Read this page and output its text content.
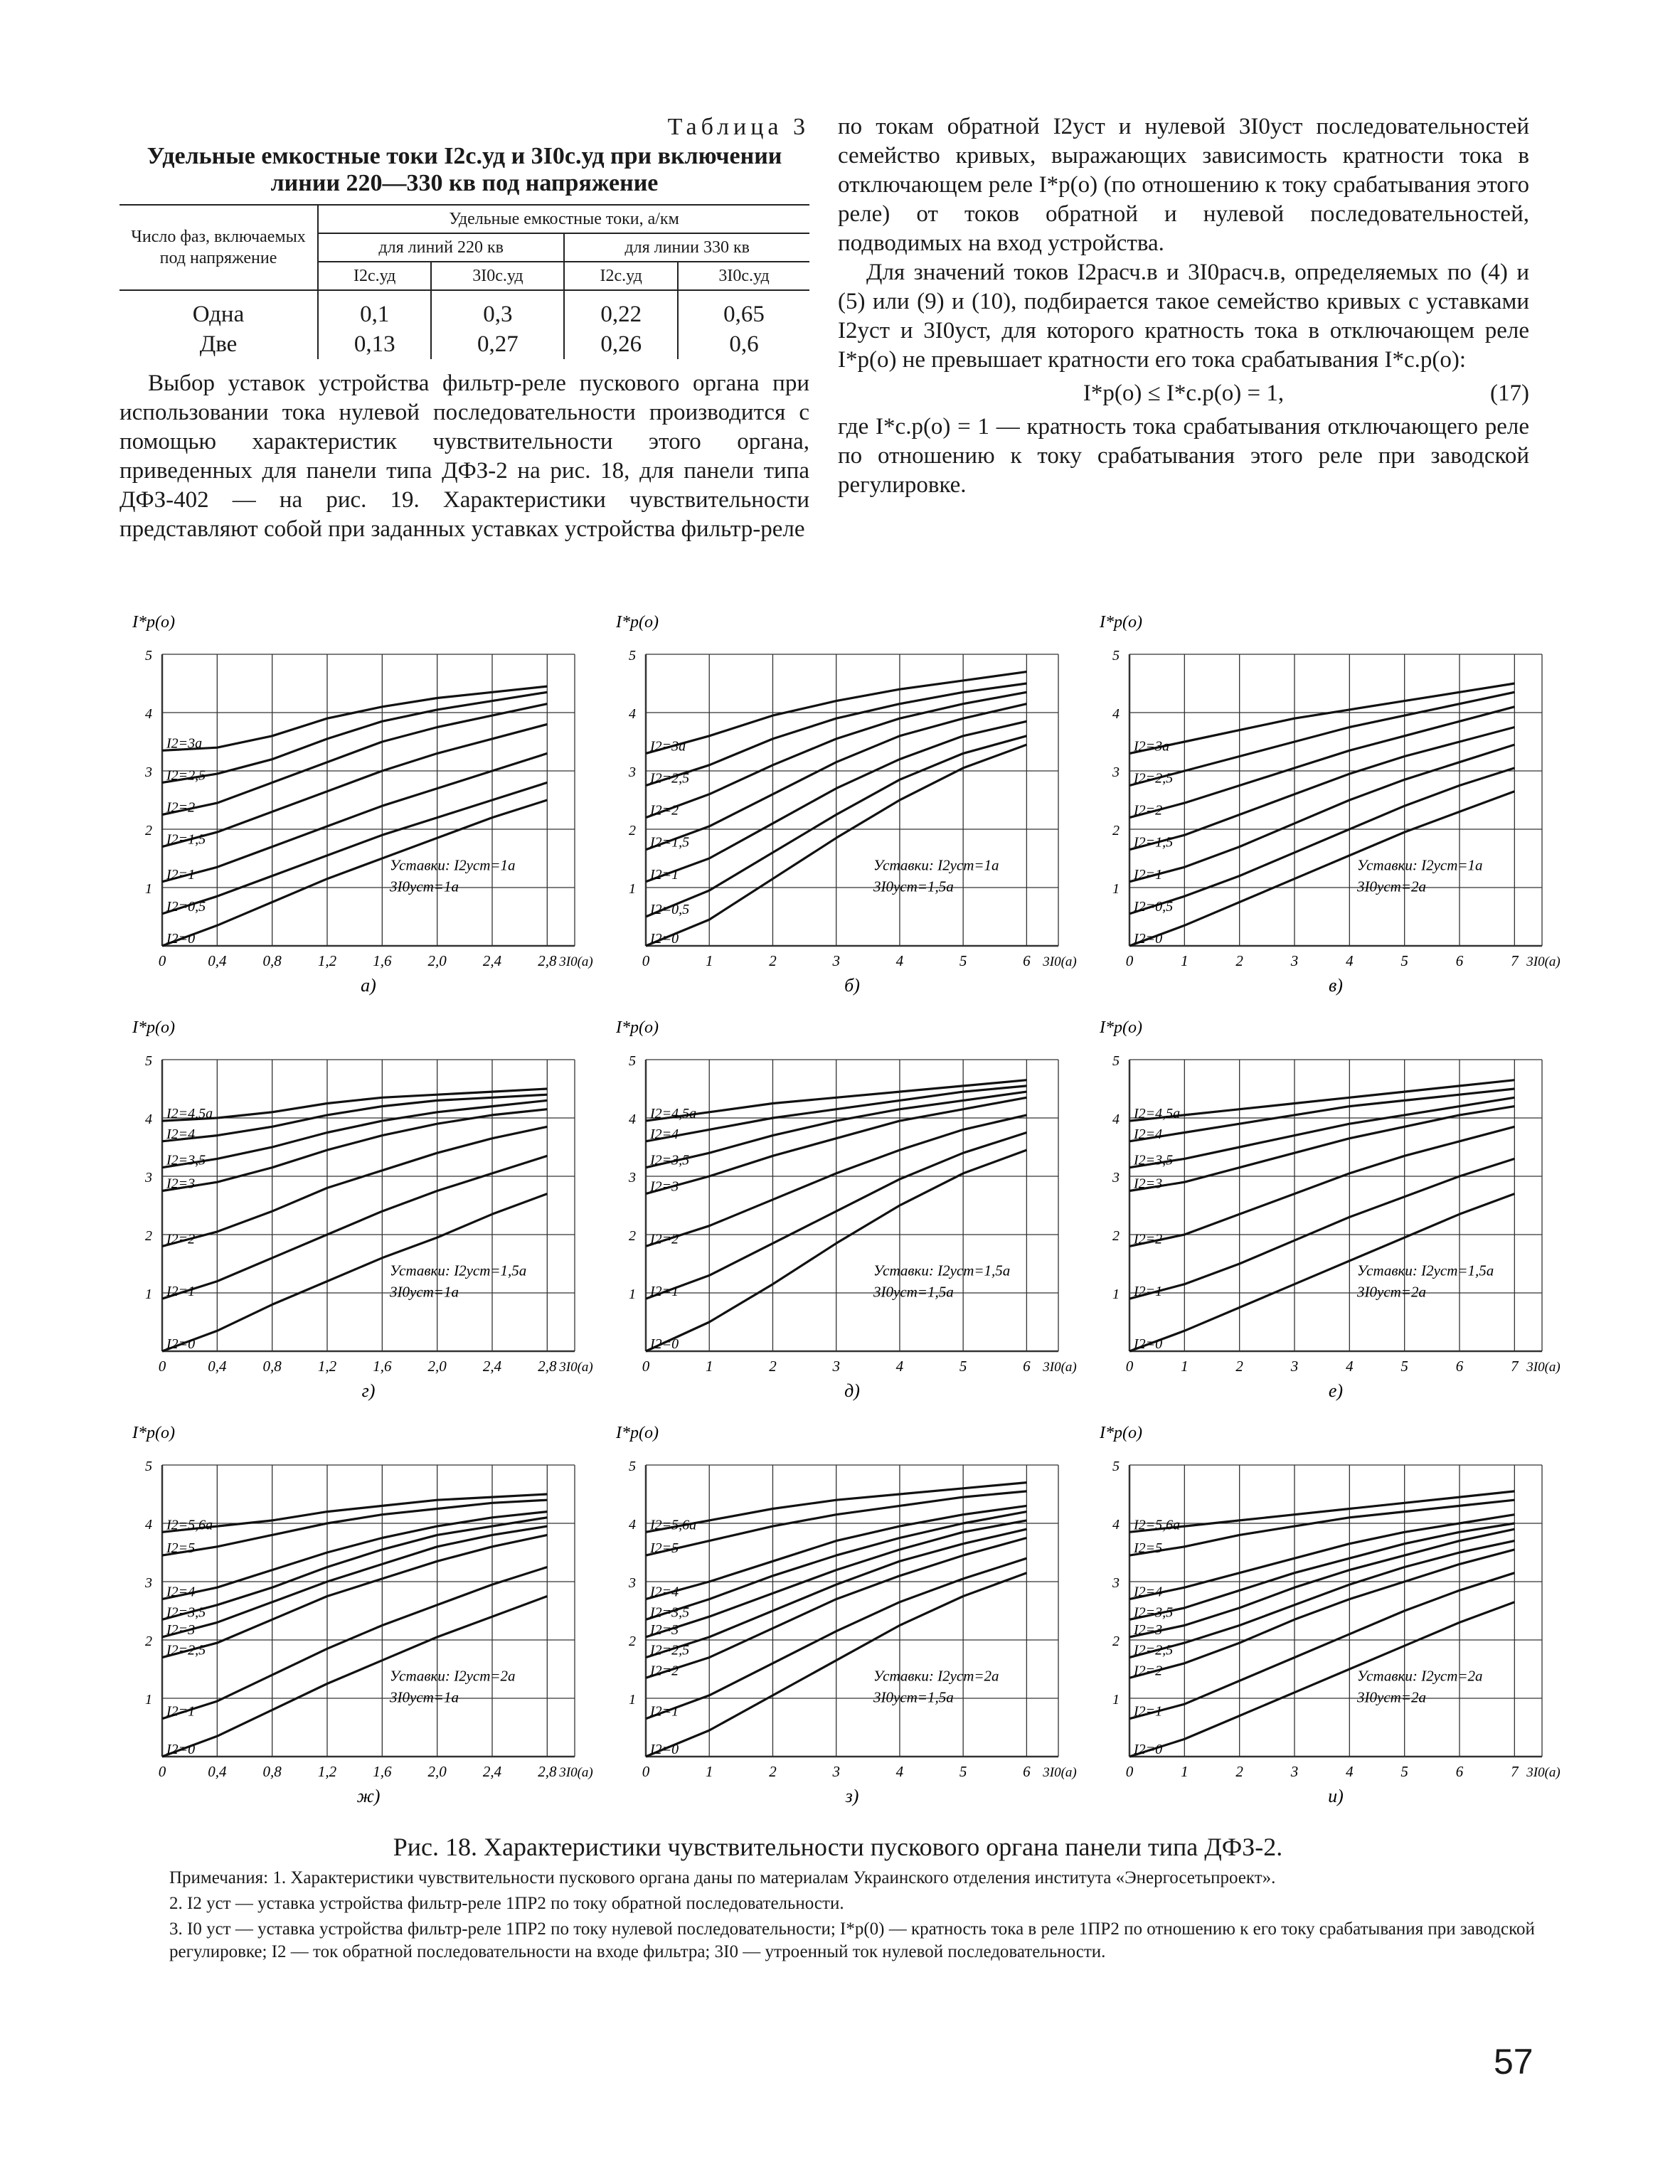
Таблица 3
Удельные емкостные токи I2с.уд и 3I0с.уд при включении линии 220—330 кв под напряжение
Число фаз, включаемых под напряжение	Удельные емкостные токи, а/км			
	для линий 220 кв		для линии 330 кв	
	I2с.уд	3I0с.уд	I2с.уд	3I0с.уд
Одна	0,1	0,3	0,22	0,65
Две	0,13	0,27	0,26	0,6

Выбор уставок устройства фильтр-реле пускового органа при использовании тока нулевой последовательности производится с помощью характеристик чувствительности этого органа, приведенных для панели типа ДФЗ-2 на рис. 18, для панели типа ДФЗ-402 — на рис. 19. Характеристики чувствительности представляют собой при заданных уставках устройства фильтр-реле

по токам обратной I2уст и нулевой 3I0уст последовательностей семейство кривых, выражающих зависимость кратности тока в отключающем реле I*p(o) (по отношению к току срабатывания этого реле) от токов обратной и нулевой последовательностей, подводимых на вход устройства.

Для значений токов I2расч.в и 3I0расч.в, определяемых по (4) и (5) или (9) и (10), подбирается такое семейство кривых с уставками I2уст и 3I0уст, для которого кратность тока в отключающем реле I*p(o) не превышает кратности его тока срабатывания I*c.p(o):

I*p(o) ≤ I*c.p(o) = 1,	(17)

где I*c.p(o) = 1 — кратность тока срабатывания отключающего реле по отношению к току срабатывания этого реле при заводской регулировке.

I*p(o)
1
2
3
4
5
0	0,4 0,8 1,2 1,6 2,0 2,4 2,8 3I0(a)
а)
I2=3а
I2=2,5
I2=2
I2=1,5
I2=1
I2=0,5
I2=0
Уставки: I2уст=1а
3I0уст=1а
I*p(o)
1
2
3
4
5
0	1	2	3	4	5	6 3I0(a)
б)
I2=3а
I2=2,5
I2=2
I2=1,5
I2=1
I2=0,5
I2=0
Уставки: I2уст=1а
3I0уст=1,5а
I*p(o)
1
2
3
4
5
0	1	2	3	4	5	6	7 3I0(a)
в)
I2=3а
I2=2,5
I2=2
I2=1,5
I2=1
I2=0,5
I2=0
Уставки: I2уст=1а
3I0уст=2а
I*p(o)
1
2
3
4
5
0	0,4 0,8 1,2 1,6 2,0 2,4 2,8 3I0(a)
г)
I2=4,5а
I2=4
I2=3,5
I2=3
I2=2
I2=1
I2=0
Уставки: I2уст=1,5а
3I0уст=1а
I*p(o)
1
2
3
4
5
0	1	2	3	4	5	6 3I0(a)
д)
I2=4,5а
I2=4
I2=3,5
I2=3
I2=2
I2=1
I2=0
Уставки: I2уст=1,5а
3I0уст=1,5а
I*p(o)
1
2
3
4
5
0	1	2	3	4	5	6	7 3I0(a)
е)
I2=4,5а
I2=4
I2=3,5
I2=3
I2=2
I2=1
I2=0
Уставки: I2уст=1,5а
3I0уст=2а
I*p(o)
1
2
3
4
5
0	0,4 0,8 1,2 1,6 2,0 2,4 2,8 3I0(a)
ж)
I2=5,6а
I2=5
I2=4
I2=3,5
I2=3
I2=2,5
I2=1
I2=0
Уставки: I2уст=2а
3I0уст=1а
I*p(o)
1
2
3
4
5
0	1	2	3	4	5	6 3I0(a)
з)
I2=5,6а
I2=5
I2=4
I2=3,5
I2=3
I2=2,5
I2=2
I2=1
I2=0
Уставки: I2уст=2а
3I0уст=1,5а
I*p(o)
1
2
3
4
5
0	1	2	3	4	5	6	7 3I0(a)
и)
I2=5,6а
I2=5
I2=4
I2=3,5
I2=3
I2=2,5
I2=2
I2=1
I2=0
Уставки: I2уст=2а
3I0уст=2а
Рис. 18. Характеристики чувствительности пускового органа панели типа ДФЗ-2.

Примечания: 1. Характеристики чувствительности пускового органа даны по материалам Украинского отделения института «Энергосетьпроект».

2. I2 уст — уставка устройства фильтр-реле 1ПР2 по току обратной последовательности.

3. I0 уст — уставка устройства фильтр-реле 1ПР2 по току нулевой последовательности; I*p(0) — кратность тока в реле 1ПР2 по отношению к его току срабатывания при заводской регулировке; I2 — ток обратной последовательности на входе фильтра; 3I0 — утроенный ток нулевой последовательности.

57
